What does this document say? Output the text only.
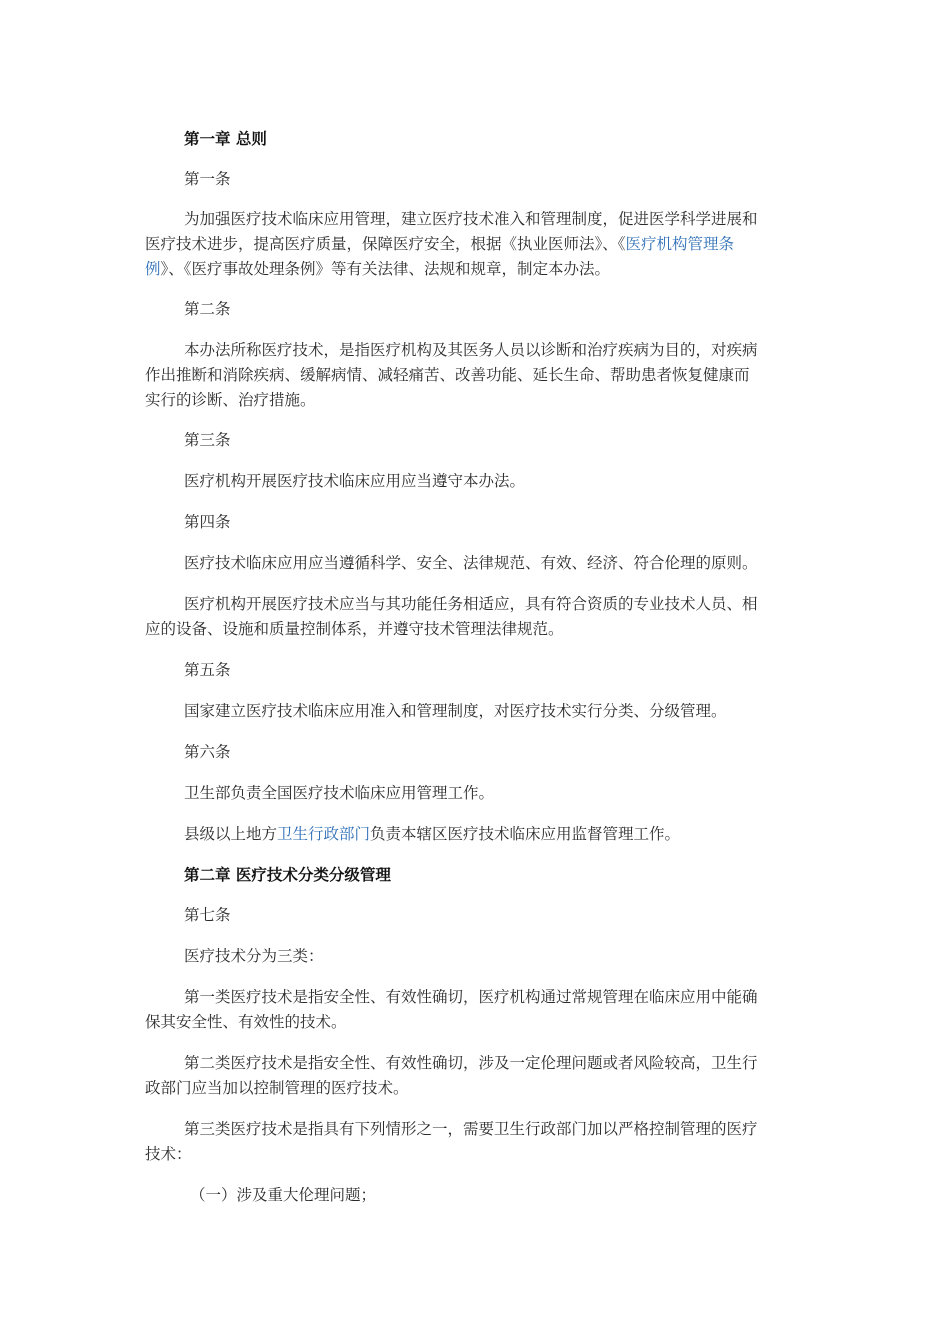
第一章 总则
第一条
为加强医疗技术临床应用管理，建立医疗技术准入和管理制度，促进医学科学进展和
医疗技术进步，提高医疗质量，保障医疗安全，根据《执业医师法》、《医疗机构管理条
例》、《医疗事故处理条例》等有关法律、法规和规章，制定本办法。
第二条
本办法所称医疗技术，是指医疗机构及其医务人员以诊断和治疗疾病为目的，对疾病
作出推断和消除疾病、缓解病情、减轻痛苦、改善功能、延长生命、帮助患者恢复健康而
实行的诊断、治疗措施。
第三条
医疗机构开展医疗技术临床应用应当遵守本办法。
第四条
医疗技术临床应用应当遵循科学、安全、法律规范、有效、经济、符合伦理的原则。
医疗机构开展医疗技术应当与其功能任务相适应，具有符合资质的专业技术人员、相
应的设备、设施和质量控制体系，并遵守技术管理法律规范。
第五条
国家建立医疗技术临床应用准入和管理制度，对医疗技术实行分类、分级管理。
第六条
卫生部负责全国医疗技术临床应用管理工作。
县级以上地方卫生行政部门负责本辖区医疗技术临床应用监督管理工作。
第二章 医疗技术分类分级管理
第七条
医疗技术分为三类：
第一类医疗技术是指安全性、有效性确切，医疗机构通过常规管理在临床应用中能确
保其安全性、有效性的技术。
第二类医疗技术是指安全性、有效性确切，涉及一定伦理问题或者风险较高，卫生行
政部门应当加以控制管理的医疗技术。
第三类医疗技术是指具有下列情形之一，需要卫生行政部门加以严格控制管理的医疗
技术：
（一）涉及重大伦理问题；
